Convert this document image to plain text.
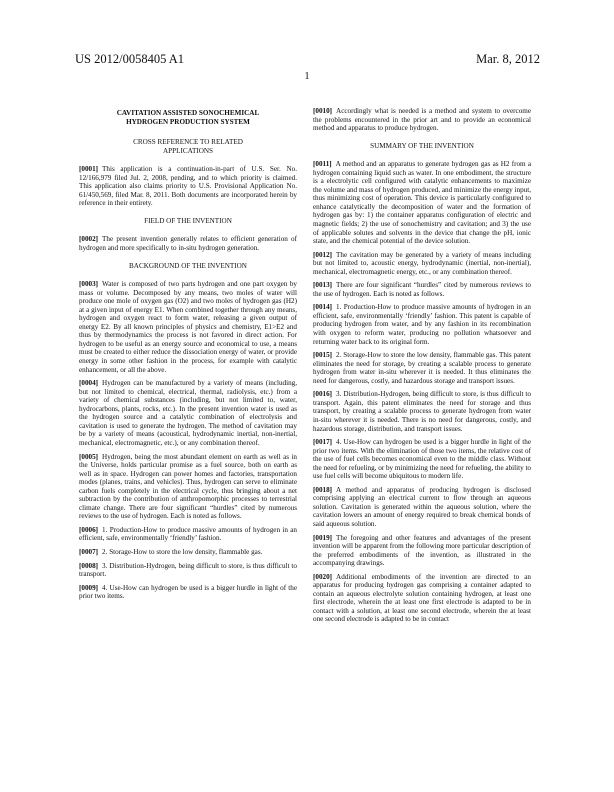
US 2012/0058405 A1	Mar. 8, 2012
1
CAVITATION ASSISTED SONOCHEMICAL
HYDROGEN PRODUCTION SYSTEM
CROSS REFERENCE TO RELATED
APPLICATIONS

[0001] This application is a continuation-in-part of U.S. Ser. No. 12/166,979 filed Jul. 2, 2008, pending, and to which priority is claimed. This application also claims priority to U.S. Provisional Application No. 61/450,569, filed Mar. 8, 2011. Both documents are incorporated herein by reference in their entirety.

FIELD OF THE INVENTION

[0002] The present invention generally relates to efficient generation of hydrogen and more specifically to in-situ hydrogen generation.

BACKGROUND OF THE INVENTION

[0003] Water is composed of two parts hydrogen and one part oxygen by mass or volume. Decomposed by any means, two moles of water will produce one mole of oxygen gas (O2) and two moles of hydrogen gas (H2) at a given input of energy E1. When combined together through any means, hydrogen and oxygen react to form water, releasing a given output of energy E2. By all known principles of physics and chemistry, E1>E2 and thus by thermodynamics the process is not favored in direct action. For hydrogen to be useful as an energy source and economical to use, a means must be created to either reduce the dissociation energy of water, or provide energy in some other fashion in the process, for example with catalytic enhancement, or all the above.

[0004] Hydrogen can be manufactured by a variety of means (including, but not limited to chemical, electrical, thermal, radiolysis, etc.) from a variety of chemical substances (including, but not limited to, water, hydrocarbons, plants, rocks, etc.). In the present invention water is used as the hydrogen source and a catalytic combination of electrolysis and cavitation is used to generate the hydrogen. The method of cavitation may be by a variety of means (acoustical, hydrodynamic inertial, non-inertial, mechanical, electromagnetic, etc.), or any combination thereof.

[0005] Hydrogen, being the most abundant element on earth as well as in the Universe, holds particular promise as a fuel source, both on earth as well as in space. Hydrogen can power homes and factories, transportation modes (planes, trains, and vehicles). Thus, hydrogen can serve to eliminate carbon fuels completely in the electrical cycle, thus bringing about a net subtraction by the contribution of anthropomorphic processes to terrestrial climate change. There are four significant “hurdles” cited by numerous reviews to the use of hydrogen. Each is noted as follows.

[0006] 1. Production-How to produce massive amounts of hydrogen in an efficient, safe, environmentally ‘friendly’ fashion.

[0007] 2. Storage-How to store the low density, flammable gas.

[0008] 3. Distribution-Hydrogen, being difficult to store, is thus difficult to transport.

[0009] 4. Use-How can hydrogen be used is a bigger hurdle in light of the prior two items.

[0010] Accordingly what is needed is a method and system to overcome the problems encountered in the prior art and to provide an economical method and apparatus to produce hydrogen.

SUMMARY OF THE INVENTION

[0011] A method and an apparatus to generate hydrogen gas as H2 from a hydrogen containing liquid such as water. In one embodiment, the structure is a electrolytic cell configured with catalytic enhancements to maximize the volume and mass of hydrogen produced, and minimize the energy input, thus minimizing cost of operation. This device is particularly configured to enhance catalytically the decomposition of water and the formation of hydrogen gas by: 1) the container apparatus configuration of electric and magnetic fields; 2) the use of sonochemistry and cavitation; and 3) the use of applicable solutes and solvents in the device that change the pH, ionic state, and the chemical potential of the device solution.

[0012] The cavitation may be generated by a variety of means including but not limited to, acoustic energy, hydrodynamic (inertial, non-inertial), mechanical, electromagnetic energy, etc., or any combination thereof.

[0013] There are four significant “hurdles” cited by numerous reviews to the use of hydrogen. Each is noted as follows.

[0014] 1. Production-How to produce massive amounts of hydrogen in an efficient, safe, environmentally ‘friendly’ fashion. This patent is capable of producing hydrogen from water, and by any fashion in its recombination with oxygen to reform water, producing no pollution whatsoever and returning water back to its original form.

[0015] 2. Storage-How to store the low density, flammable gas. This patent eliminates the need for storage, by creating a scalable process to generate hydrogen from water in-situ wherever it is needed. It thus eliminates the need for dangerous, costly, and hazardous storage and transport issues.

[0016] 3. Distribution-Hydrogen, being difficult to store, is thus difficult to transport. Again, this patent eliminates the need for storage and thus transport, by creating a scalable process to generate hydrogen from water in-situ wherever it is needed. There is no need for dangerous, costly, and hazardous storage, distribution, and transport issues.

[0017] 4. Use-How can hydrogen be used is a bigger hurdle in light of the prior two items. With the elimination of those two items, the relative cost of the use of fuel cells becomes economical even to the middle class. Without the need for refueling, or by minimizing the need for refueling, the ability to use fuel cells will become ubiquitous to modern life.

[0018] A method and apparatus of producing hydrogen is disclosed comprising applying an electrical current to flow through an aqueous solution. Cavitation is generated within the aqueous solution, where the cavitation lowers an amount of energy required to break chemical bonds of said aqueous solution.

[0019] The foregoing and other features and advantages of the present invention will be apparent from the following more particular description of the preferred embodiments of the invention, as illustrated in the accompanying drawings.

[0020] Additional embodiments of the invention are directed to an apparatus for producing hydrogen gas comprising a container adapted to contain an aqueous electrolyte solution containing hydrogen, at least one first electrode, wherein the at least one first electrode is adapted to be in contact with a solution, at least one second electrode, wherein the at least one second electrode is adapted to be in contact
